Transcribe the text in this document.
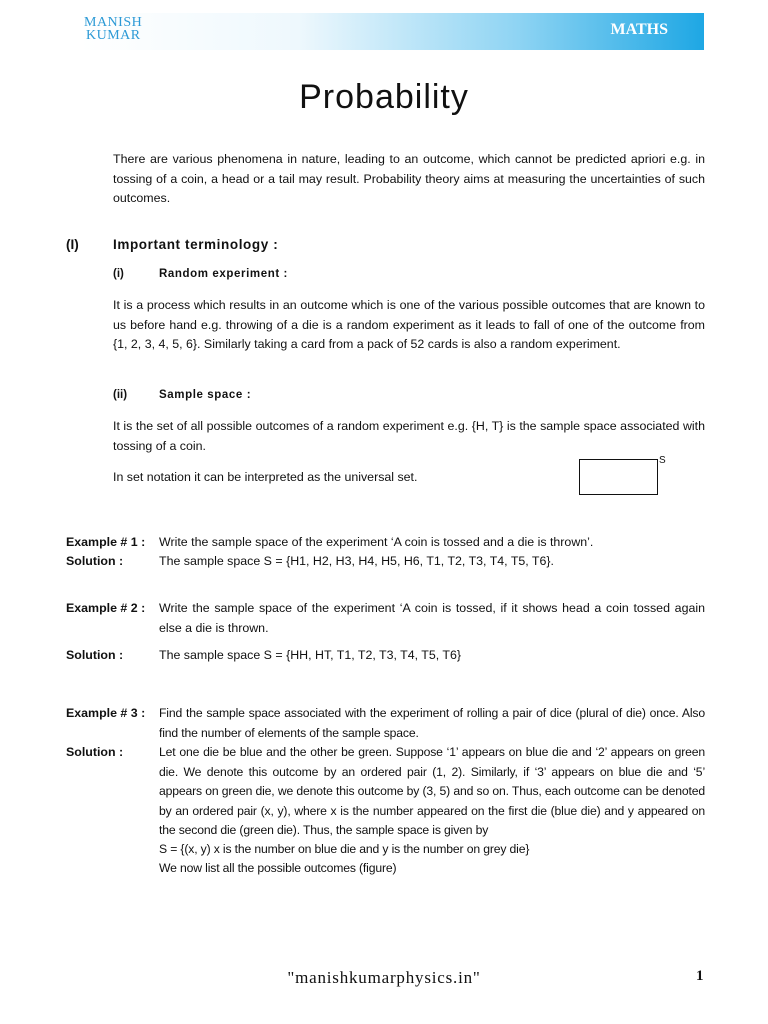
MANISH
KUMAR	MATHS
Probability

There are various phenomena in nature, leading to an outcome, which cannot be predicted apriori e.g. in tossing of a coin, a head or a tail may result. Probability theory aims at measuring the uncertainties of such outcomes.

(I)	Important terminology :
(i)	Random experiment :

It is a process which results in an outcome which is one of the various possible outcomes that are known to us before hand e.g. throwing of a die is a random experiment as it leads to fall of one of the outcome from {1, 2, 3, 4, 5, 6}. Similarly taking a card from a pack of 52 cards is also a random experiment.

(ii)	Sample space :

It is the set of all possible outcomes of a random experiment e.g. {H, T} is the sample space associated with tossing of a coin.

In set notation it can be interpreted as the universal set.

S
Example # 1 : Write the sample space of the experiment ‘A coin is tossed and a die is thrown’.

Solution :	The sample space S = {H1, H2, H3, H4, H5, H6, T1, T2, T3, T4, T5, T6}.

Example # 2 : Write the sample space of the experiment ‘A coin is tossed, if it shows head a coin tossed again else a die is thrown.

Solution :	The sample space S = {HH, HT, T1, T2, T3, T4, T5, T6}

Example # 3 : Find the sample space associated with the experiment of rolling a pair of dice (plural of die) once. Also find the number of elements of the sample space.

Solution :	Let one die be blue and the other be green. Suppose ‘1’ appears on blue die and ‘2’ appears on green die. We denote this outcome by an ordered pair (1, 2). Similarly, if ‘3’ appears on blue die and ‘5’ appears on green die, we denote this outcome by (3, 5) and so on. Thus, each outcome can be denoted by an ordered pair (x, y), where x is the number appeared on the first die (blue die) and y appeared on the second die (green die). Thus, the sample space is given by

S = {(x, y) x is the number on blue die and y is the number on grey die}

We now list all the possible outcomes (figure)

"manishkumarphysics.in"	1
